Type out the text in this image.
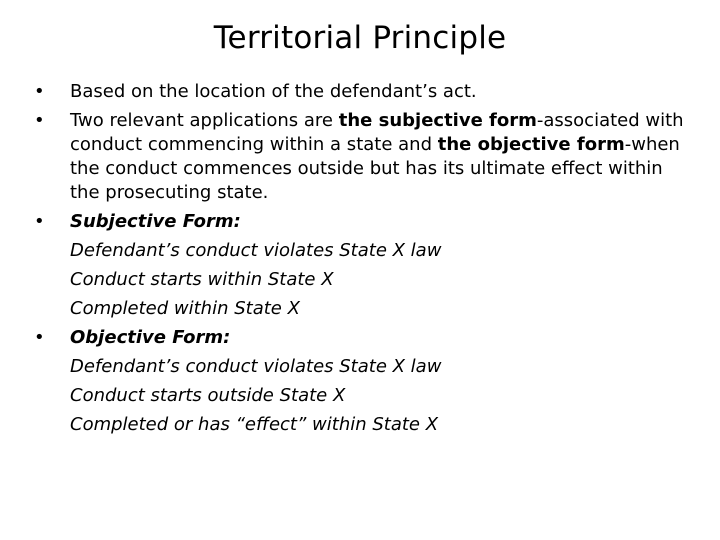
Territorial Principle
•	Based on the location of the defendant’s act.
•	Two relevant applications are the subjective form-associated with conduct commencing within a state and the objective form-when the conduct commences outside but has its ultimate effect within the prosecuting state.
•	Subjective Form:
Defendant’s conduct violates State X law
Conduct starts within State X
Completed within State X
•	Objective Form:
Defendant’s conduct violates State X law
Conduct starts outside State X
Completed or has “effect” within State X
